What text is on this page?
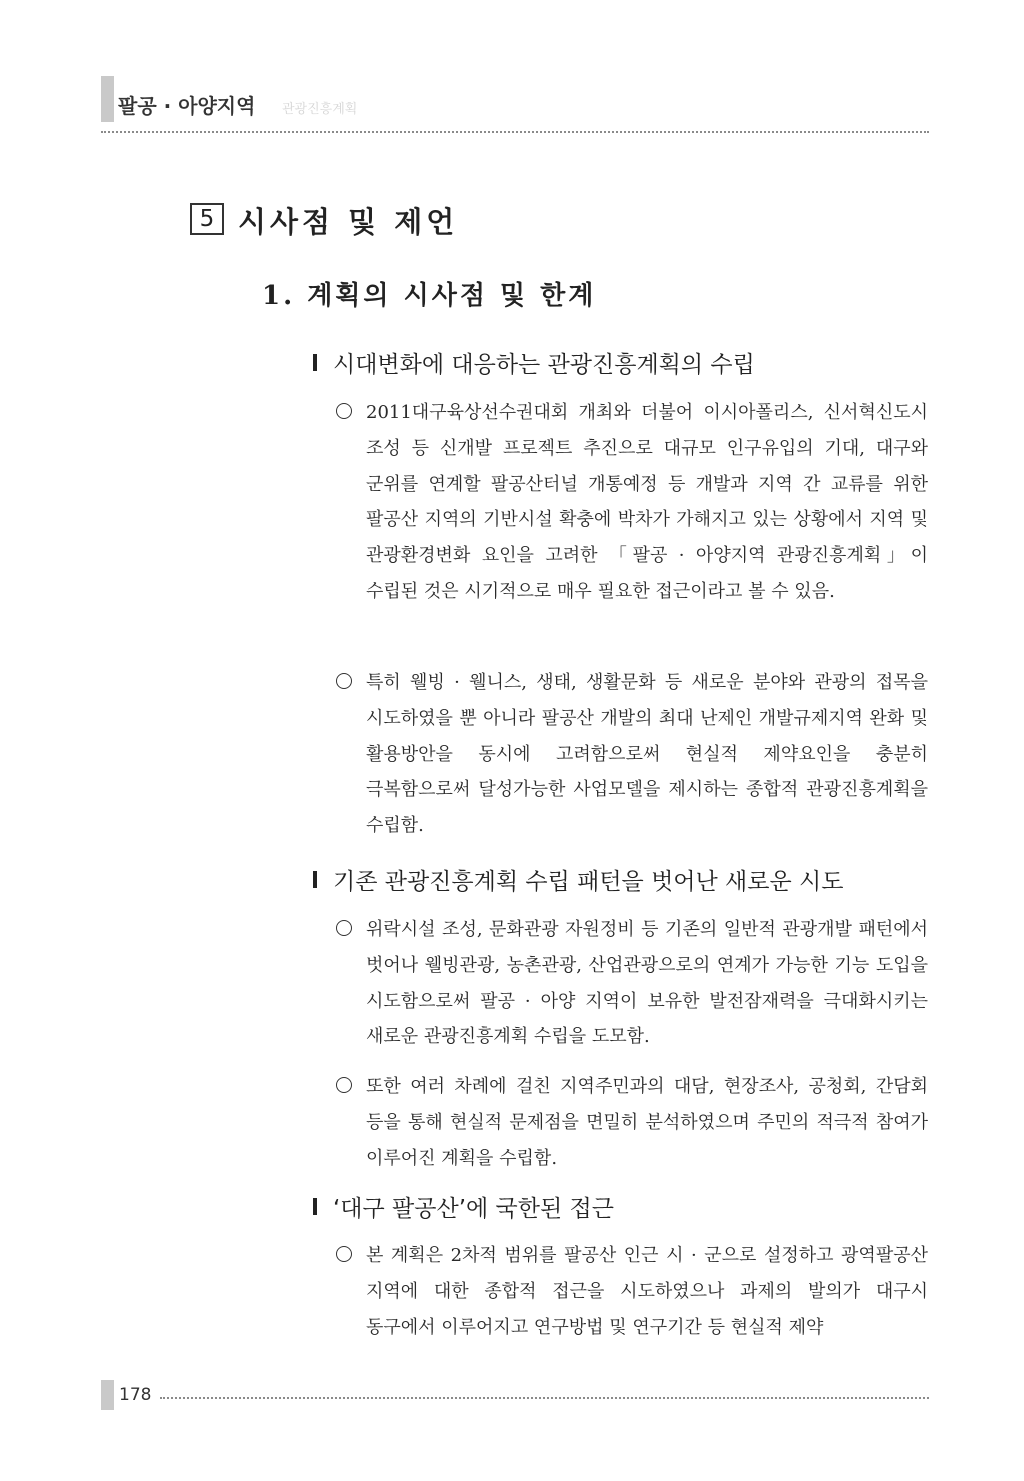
팔공 · 아양지역 관광진흥계획
5 시사점 및 제언
1. 계획의 시사점 및 한계
시대변화에 대응하는 관광진흥계획의 수립

2011대구육상선수권대회 개최와 더불어 이시아폴리스, 신서혁신도시 조성 등 신개발 프로젝트 추진으로 대규모 인구유입의 기대, 대구와 군위를 연계할 팔공산터널 개통예정 등 개발과 지역 간 교류를 위한 팔공산 지역의 기반시설 확충에 박차가 가해지고 있는 상황에서 지역 및 관광환경변화 요인을 고려한 「팔공 · 아양지역 관광진흥계획」이 수립된 것은 시기적으로 매우 필요한 접근이라고 볼 수 있음.

특히 웰빙 · 웰니스, 생태, 생활문화 등 새로운 분야와 관광의 접목을 시도하였을 뿐 아니라 팔공산 개발의 최대 난제인 개발규제지역 완화 및 활용방안을 동시에 고려함으로써 현실적 제약요인을 충분히 극복함으로써 달성가능한 사업모델을 제시하는 종합적 관광진흥계획을 수립함.

기존 관광진흥계획 수립 패턴을 벗어난 새로운 시도

위락시설 조성, 문화관광 자원정비 등 기존의 일반적 관광개발 패턴에서 벗어나 웰빙관광, 농촌관광, 산업관광으로의 연계가 가능한 기능 도입을 시도함으로써 팔공 · 아양 지역이 보유한 발전잠재력을 극대화시키는 새로운 관광진흥계획 수립을 도모함.

또한 여러 차례에 걸친 지역주민과의 대담, 현장조사, 공청회, 간담회 등을 통해 현실적 문제점을 면밀히 분석하였으며 주민의 적극적 참여가 이루어진 계획을 수립함.

‘대구 팔공산’에 국한된 접근

본 계획은 2차적 범위를 팔공산 인근 시 · 군으로 설정하고 광역팔공산 지역에 대한 종합적 접근을 시도하였으나 과제의 발의가 대구시 동구에서 이루어지고 연구방법 및 연구기간 등 현실적 제약

178
